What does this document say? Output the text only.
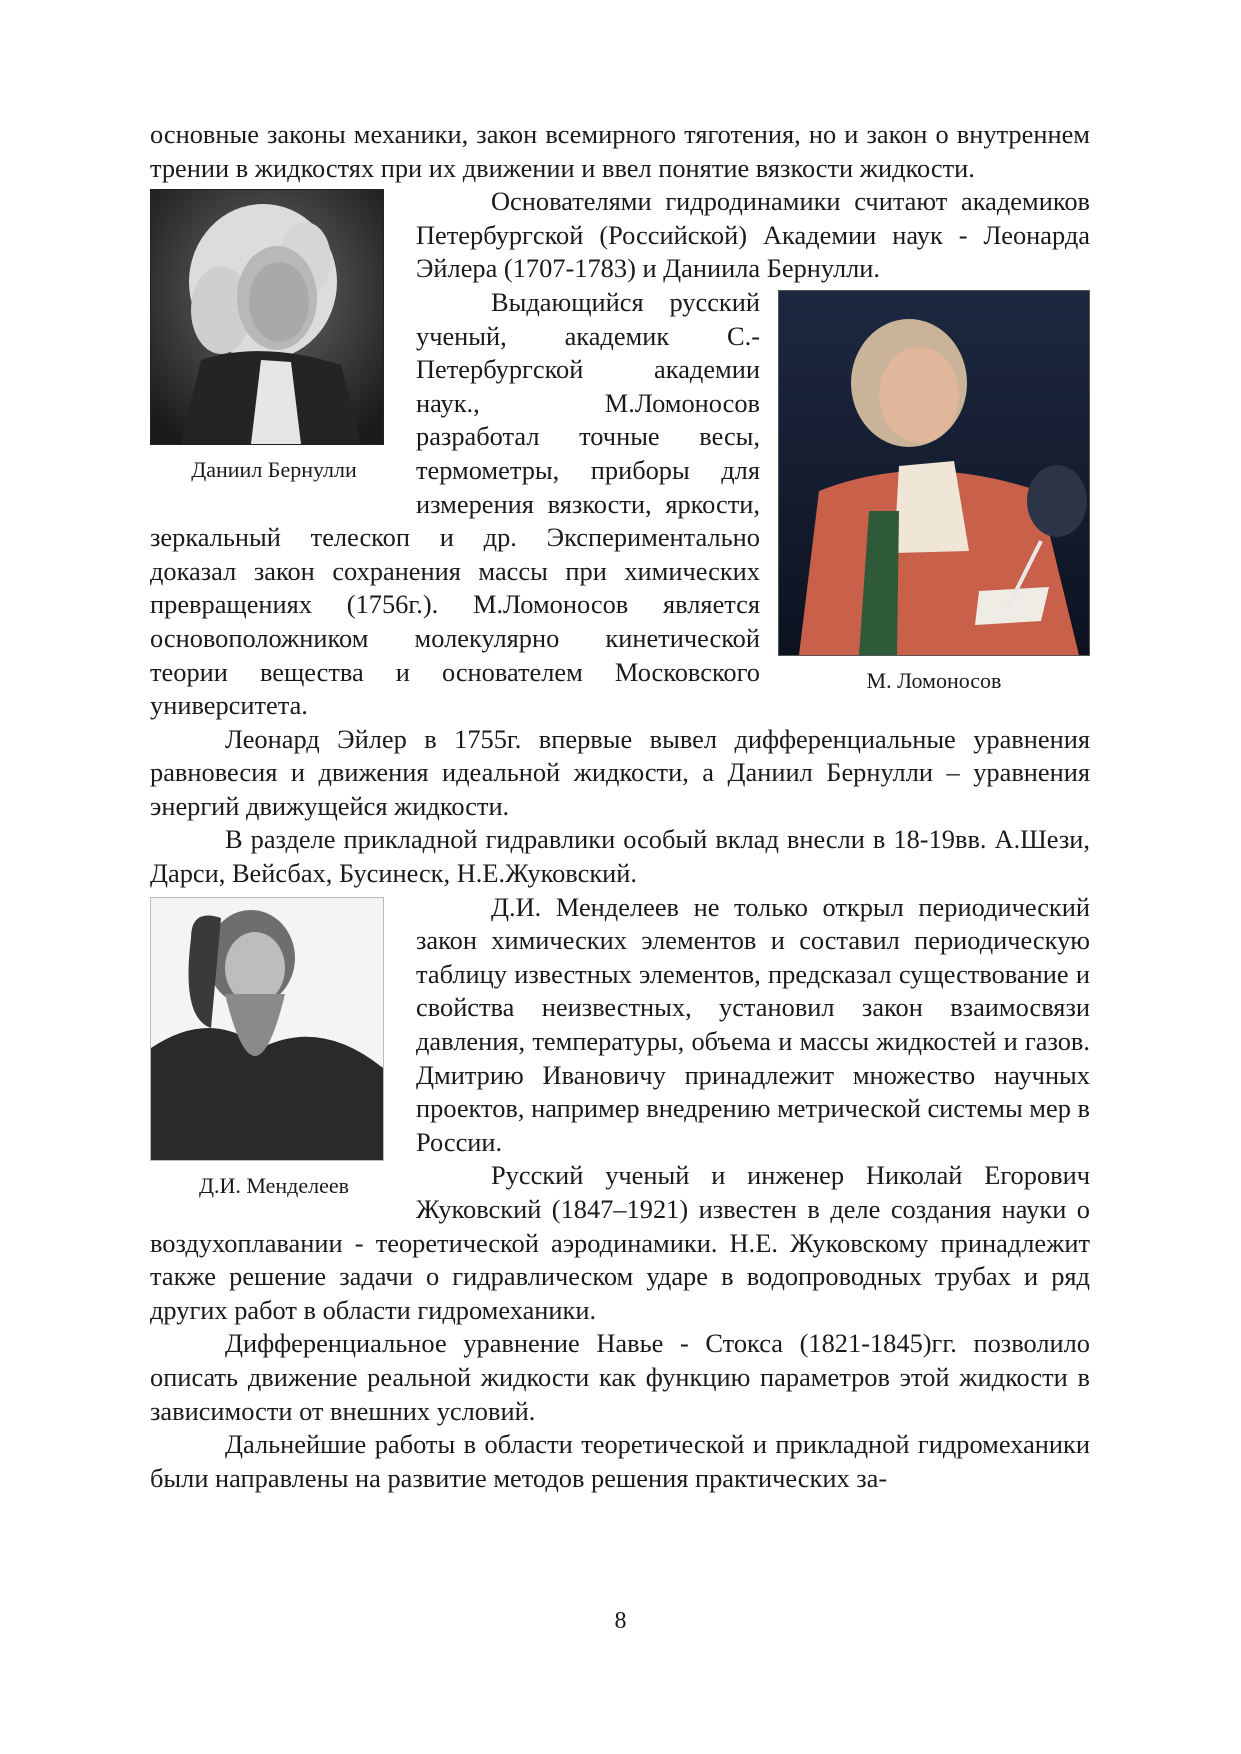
основные законы механики, закон всемирного тяготения, но и закон о внутреннем трении в жидкостях при их движении и ввел понятие вязкости жидкости.

Даниил Бернулли

Основателями гидродинамики считают академиков Петербургской (Российской) Академии наук - Леонарда Эйлера (1707-1783) и Даниила Бернулли.

М. Ломоносов

Выдающийся русский ученый, академик С.-Петербургской академии наук., М.Ломоносов разработал точные весы, термометры, приборы для измерения вязкости, яркости, зеркальный телескоп и др. Экспериментально доказал закон сохранения массы при химических превращениях (1756г.). М.Ломоносов является основоположником молекулярно кинетической теории вещества и основателем Московского университета.

Леонард Эйлер в 1755г. впервые вывел дифференциальные уравнения равновесия и движения идеальной жидкости, а Даниил Бернулли – уравнения энергий движущейся жидкости.

В разделе прикладной гидравлики особый вклад внесли в 18-19вв. А.Шези, Дарси, Вейсбах, Бусинеск, Н.Е.Жуковский.

Д.И. Менделеев

Д.И. Менделеев не только открыл периодический закон химических элементов и составил периодическую таблицу известных элементов, предсказал существование и свойства неизвестных, установил закон взаимосвязи давления, температуры, объема и массы жидкостей и газов. Дмитрию Ивановичу принадлежит множество научных проектов, например внедрению метрической системы мер в России.

Русский ученый и инженер Николай Егорович Жуковский (1847–1921) известен в деле создания науки о воздухоплавании - теоретической аэродинамики. Н.Е. Жуковскому принадлежит также решение задачи о гидравлическом ударе в водопроводных трубах и ряд других работ в области гидромеханики.

Дифференциальное уравнение Навье - Стокса (1821-1845)гг. позволило описать движение реальной жидкости как функцию параметров этой жидкости в зависимости от внешних условий.

Дальнейшие работы в области теоретической и прикладной гидромеханики были направлены на развитие методов решения практических за-

8
